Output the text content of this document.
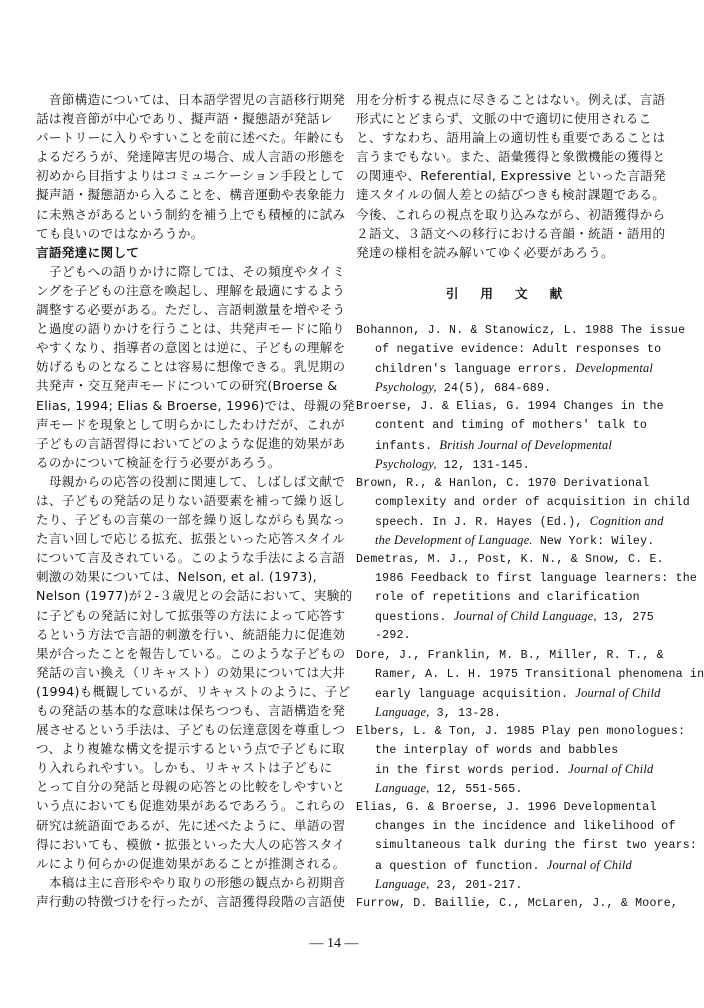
　音節構造については、日本語学習児の言語移行期発
話は複音節が中心であり、擬声語・擬態語が発話レ
パートリーに入りやすいことを前に述べた。年齢にも
よるだろうが、発達障害児の場合、成人言語の形態を
初めから目指すよりはコミュニケーション手段として
擬声語・擬態語から入ることを、構音運動や表象能力
に未熟さがあるという制約を補う上でも積極的に試み
ても良いのではなかろうか。
言語発達に関して
　子どもへの語りかけに際しては、その頻度やタイミ
ングを子どもの注意を喚起し、理解を最適にするよう
調整する必要がある。ただし、言語刺激量を増やそう
と過度の語りかけを行うことは、共発声モードに陥り
やすくなり、指導者の意図とは逆に、子どもの理解を
妨げるものとなることは容易に想像できる。乳児期の
共発声・交互発声モードについての研究(Broerse &
Elias, 1994; Elias & Broerse, 1996)では、母親の発
声モードを現象として明らかにしたわけだが、これが
子どもの言語習得においてどのような促進的効果があ
るのかについて検証を行う必要があろう。
　母親からの応答の役割に関連して、しばしば文献で
は、子どもの発話の足りない語要素を補って繰り返し
たり、子どもの言葉の一部を繰り返しながらも異なっ
た言い回しで応じる拡充、拡張といった応答スタイル
について言及されている。このような手法による言語
刺激の効果については、Nelson, et al. (1973),
Nelson (1977)が２-３歳児との会話において、実験的
に子どもの発話に対して拡張等の方法によって応答す
るという方法で言語的刺激を行い、統語能力に促進効
果が合ったことを報告している。このような子どもの
発話の言い換え（リキャスト）の効果については大井
(1994)も概観しているが、リキャストのように、子ど
もの発話の基本的な意味は保ちつつも、言語構造を発
展させるという手法は、子どもの伝達意図を尊重しつ
つ、より複雑な構文を提示するという点で子どもに取
り入れられやすい。しかも、リキャストは子どもに
とって自分の発話と母親の応答との比較をしやすいと
いう点においても促進効果があるであろう。これらの
研究は統語面であるが、先に述べたように、単語の習
得においても、模倣・拡張といった大人の応答スタイ
ルにより何らかの促進効果があることが推測される。
　本稿は主に音形ややり取りの形態の観点から初期音
声行動の特徴づけを行ったが、言語獲得段階の言語使
用を分析する視点に尽きることはない。例えば、言語
形式にとどまらず、文脈の中で適切に使用されるこ
と、すなわち、語用論上の適切性も重要であることは
言うまでもない。また、語彙獲得と象徴機能の獲得と
の関連や、Referential, Expressive といった言語発
達スタイルの個人差との結びつきも検討課題である。
今後、これらの視点を取り込みながら、初語獲得から
２語文、３語文への移行における音韻・統語・語用的
発達の様相を読み解いてゆく必要があろう。
引用文献
Bohannon, J. N. & Stanowicz, L. 1988 The issue
of negative evidence: Adult responses to
children's language errors. Developmental
Psychology, 24(5), 684-689.
Broerse, J. & Elias, G. 1994 Changes in the
content and timing of mothers' talk to
infants. British Journal of Developmental
Psychology, 12, 131-145.
Brown, R., & Hanlon, C. 1970 Derivational
complexity and order of acquisition in child
speech. In J. R. Hayes (Ed.), Cognition and
the Development of Language. New York: Wiley.
Demetras, M. J., Post, K. N., & Snow, C. E.
1986 Feedback to first language learners: the
role of repetitions and clarification
questions. Journal of Child Language, 13, 275
-292.
Dore, J., Franklin, M. B., Miller, R. T., &
Ramer, A. L. H. 1975 Transitional phenomena in
early language acquisition. Journal of Child
Language, 3, 13-28.
Elbers, L. & Ton, J. 1985 Play pen monologues:
the interplay of words and babbles
in the first words period. Journal of Child
Language, 12, 551-565.
Elias, G. & Broerse, J. 1996 Developmental
changes in the incidence and likelihood of
simultaneous talk during the first two years:
a question of function. Journal of Child
Language, 23, 201-217.
Furrow, D. Baillie, C., McLaren, J., & Moore,
― 14 ―
